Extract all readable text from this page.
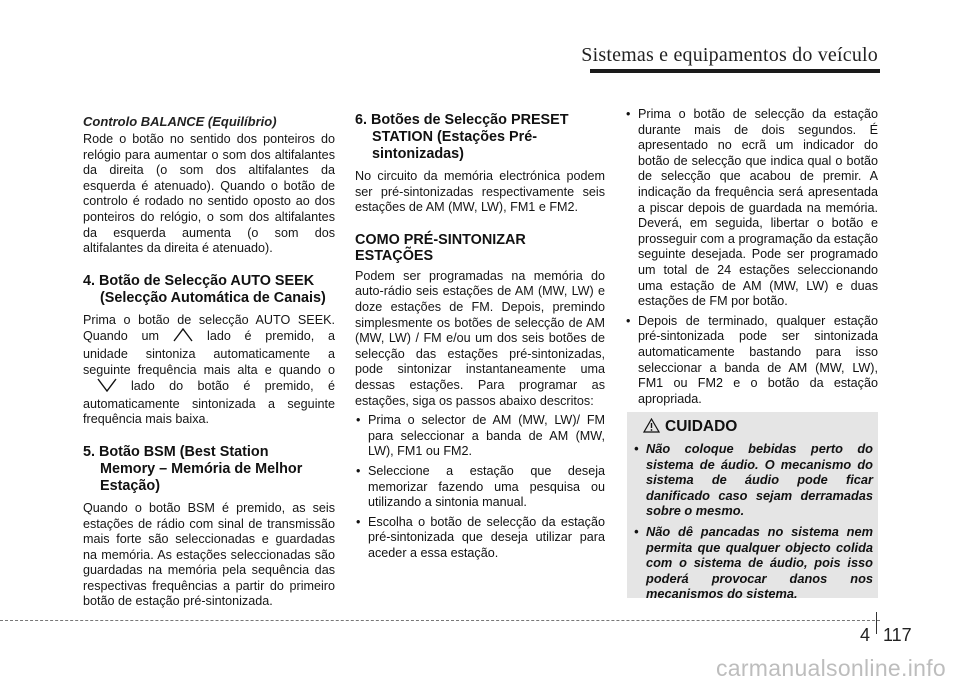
Sistemas e equipamentos do veículo
Controlo BALANCE (Equilíbrio)

Rode o botão no sentido dos ponteiros do relógio para aumentar o som dos altifalantes da direita (o som dos altifalantes da esquerda é atenuado). Quando o botão de controlo é rodado no sentido oposto ao dos ponteiros do relógio, o som dos altifalantes da esquerda aumenta (o som dos altifalantes da direita é atenuado).

4. Botão de Selecção AUTO SEEK
(Selecção Automática de Canais)

Prima o botão de selecção AUTO SEEK. Quando um	lado é premido, a unidade sintoniza automaticamente a seguinte frequência mais alta e quando olado do botão é premido, é automaticamente sintonizada a seguinte frequência mais baixa.

5. Botão BSM (Best Station
Memory – Memória de Melhor Estação)

Quando o botão BSM é premido, as seis estações de rádio com sinal de transmissão mais forte são seleccionadas e guardadas na memória. As estações seleccionadas são guardadas na memória pela sequência das respectivas frequências a partir do primeiro botão de estação pré-sintonizada.

6. Botões de Selecção PRESET
STATION (Estações Pré-sintonizadas)

No circuito da memória electrónica podem ser pré-sintonizadas respectivamente seis estações de AM (MW, LW), FM1 e FM2.

COMO PRÉ-SINTONIZAR ESTAÇÕES

Podem ser programadas na memória do auto-rádio seis estações de AM (MW, LW) e doze estações de FM. Depois, premindo simplesmente os botões de selecção de AM (MW, LW) / FM e/ou um dos seis botões de selecção das estações pré-sintonizadas, pode sintonizar instantaneamente uma dessas estações. Para programar as estações, siga os passos abaixo descritos:

• Prima o selector de AM (MW, LW)/ FM para seleccionar a banda de AM (MW, LW), FM1 ou FM2.
• Seleccione a estação que deseja memorizar fazendo uma pesquisa ou utilizando a sintonia manual.
• Escolha o botão de selecção da estação pré-sintonizada que deseja utilizar para aceder a essa estação.
• Prima o botão de selecção da estação durante mais de dois segundos. É apresentado no ecrã um indicador do botão de selecção que indica qual o botão de selecção que acabou de premir. A indicação da frequência será apresentada a piscar depois de guardada na memória. Deverá, em seguida, libertar o botão e prosseguir com a programação da estação seguinte desejada. Pode ser programado um total de 24 estações seleccionando uma estação de AM (MW, LW) e duas estações de FM por botão.
• Depois de terminado, qualquer estação pré-sintonizada pode ser sintonizada automaticamente bastando para isso seleccionar a banda de AM (MW, LW), FM1 ou FM2 e o botão da estação apropriada.
CUIDADO
• Não coloque bebidas perto do sistema de áudio. O mecanismo do sistema de áudio pode ficar danificado caso sejam derramadas sobre o mesmo.
• Não dê pancadas no sistema nem permita que qualquer objecto colida com o sistema de áudio, pois isso poderá provocar danos nos mecanismos do sistema.
4 117
carmanualsonline.info
